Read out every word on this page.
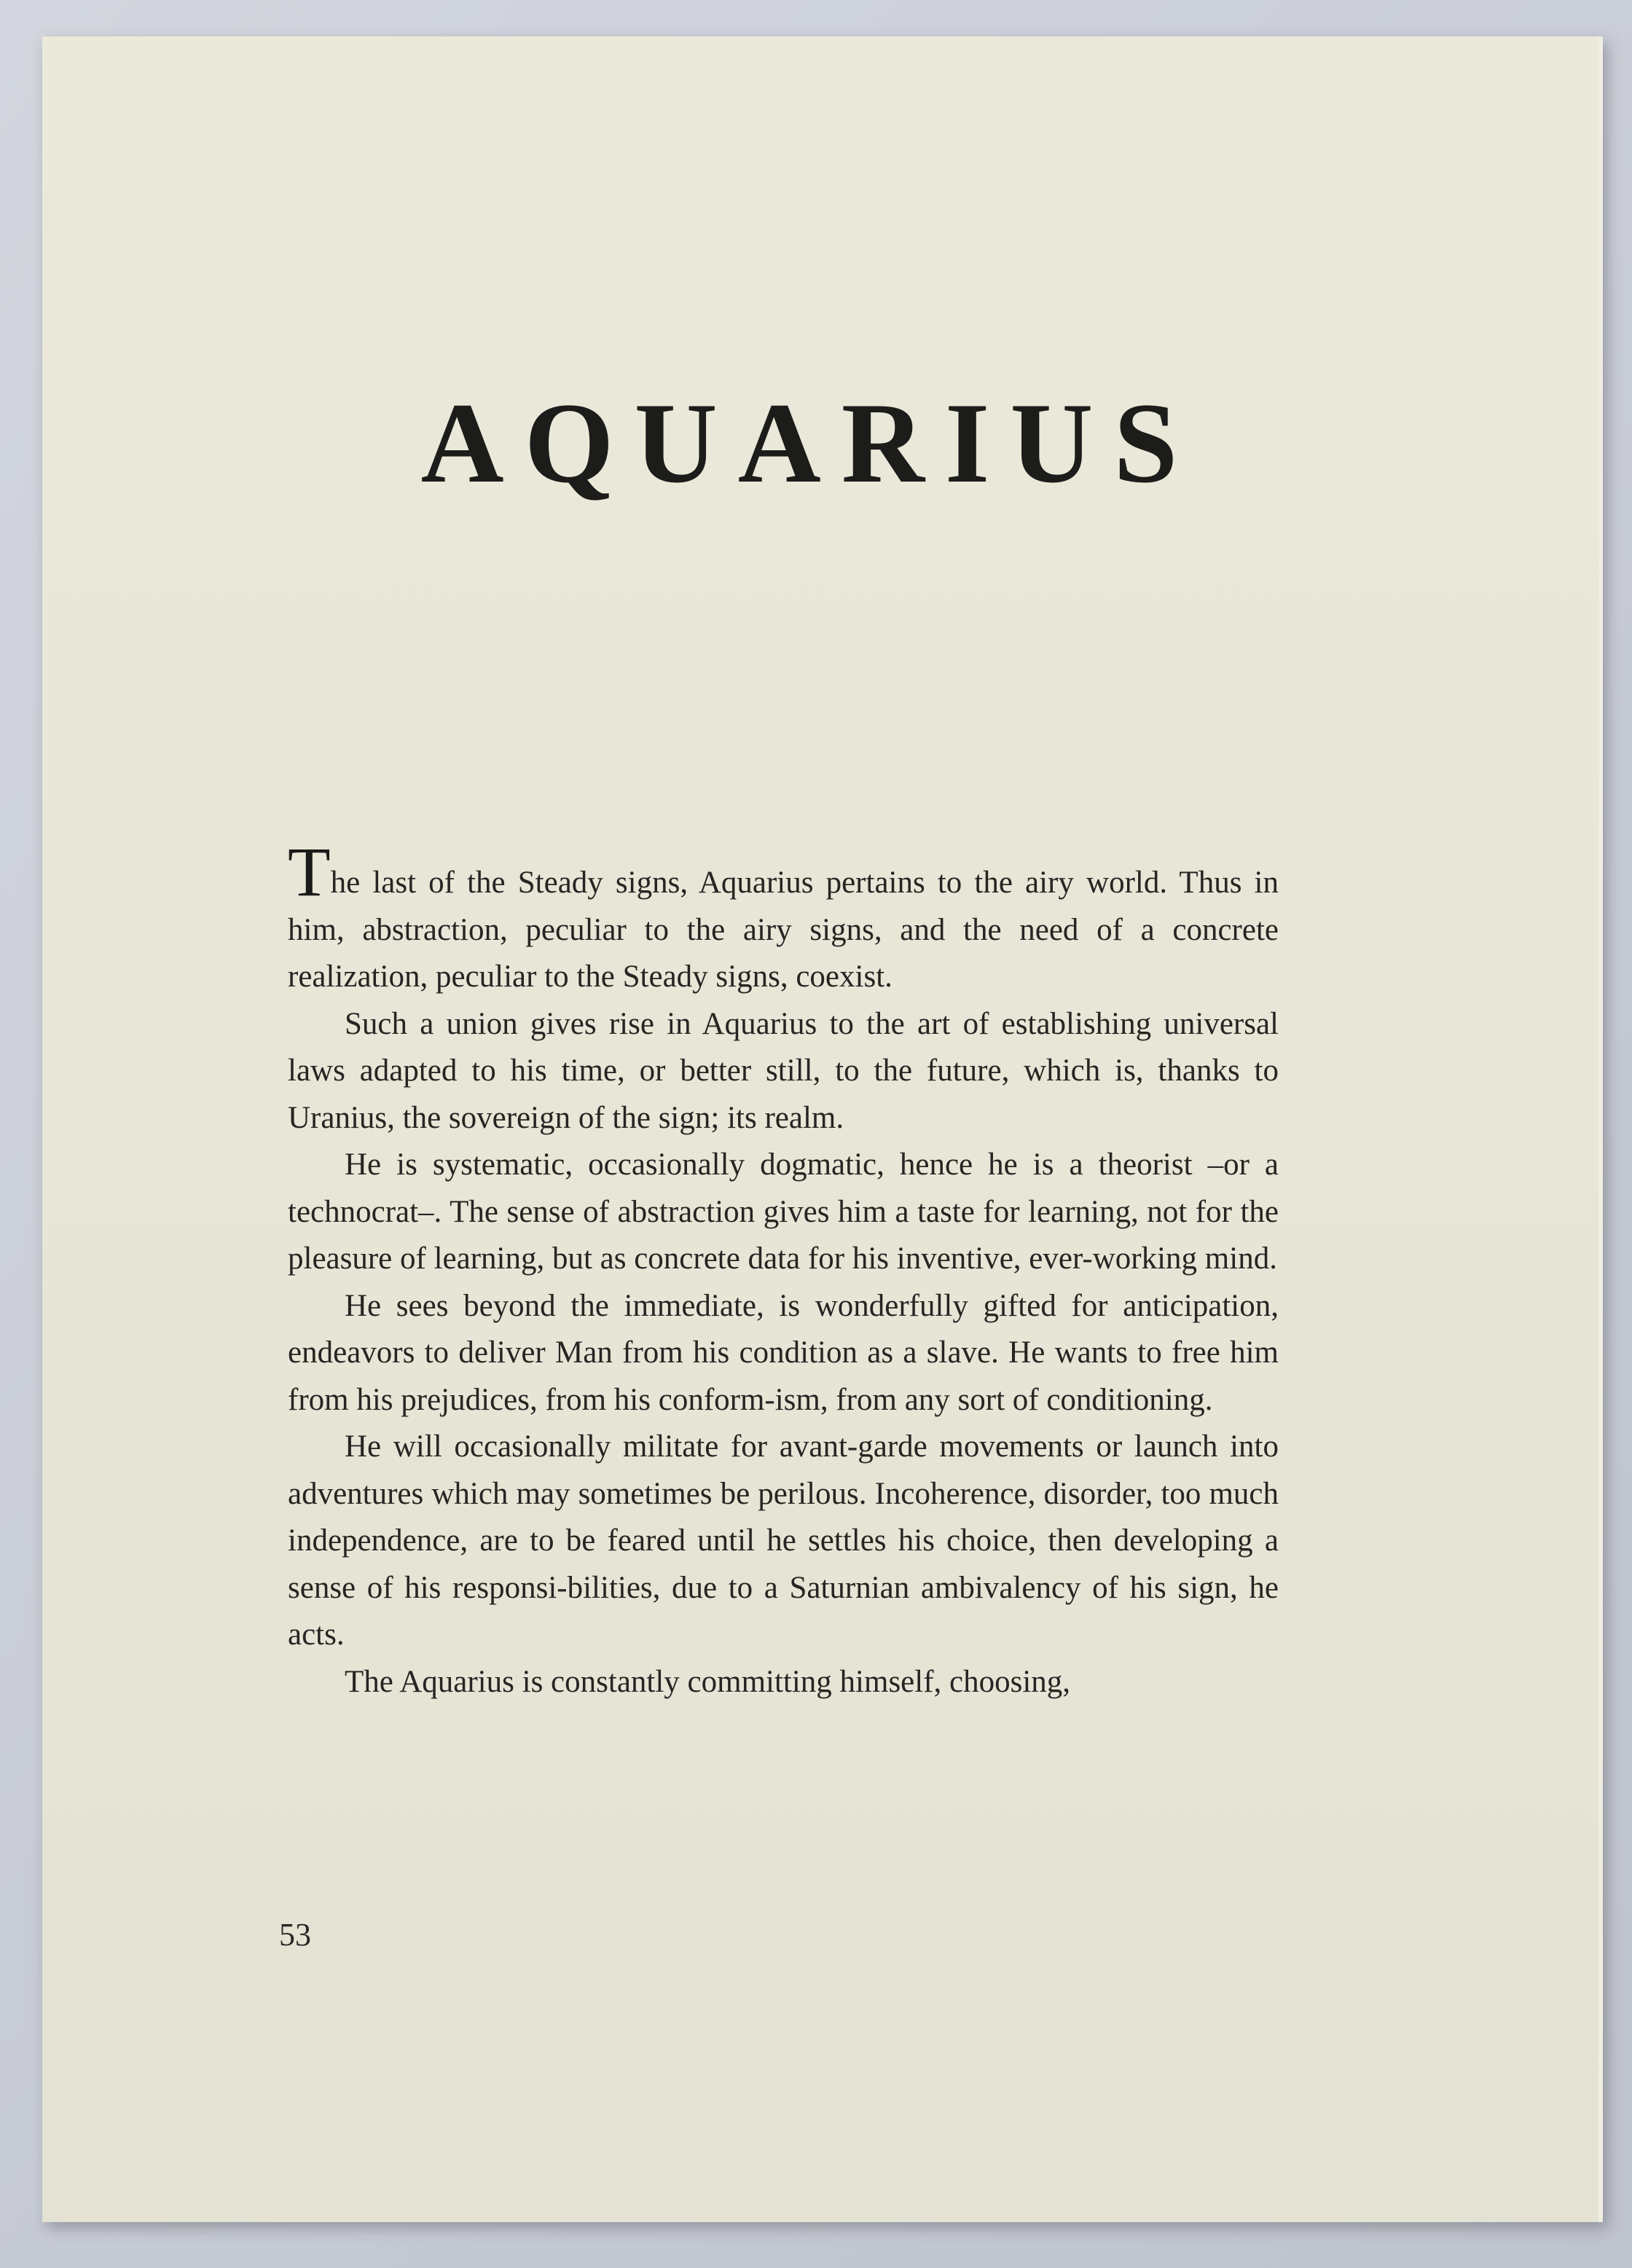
AQUARIUS

The last of the Steady signs, Aquarius pertains to the airy world. Thus in him, abstraction, peculiar to the airy signs, and the need of a concrete realization, peculiar to the Steady signs, coexist.

Such a union gives rise in Aquarius to the art of establishing universal laws adapted to his time, or better still, to the future, which is, thanks to Uranius, the sovereign of the sign; its realm.

He is systematic, occasionally dogmatic, hence he is a theorist –or a technocrat–. The sense of abstraction gives him a taste for learning, not for the pleasure of learning, but as concrete data for his inventive, ever-working mind.

He sees beyond the immediate, is wonderfully gifted for anticipation, endeavors to deliver Man from his condition as a slave. He wants to free him from his prejudices, from his conform-ism, from any sort of conditioning.

He will occasionally militate for avant-garde movements or launch into adventures which may sometimes be perilous. Incoherence, disorder, too much independence, are to be feared until he settles his choice, then developing a sense of his responsi-bilities, due to a Saturnian ambivalency of his sign, he acts.

The Aquarius is constantly committing himself, choosing,

53
